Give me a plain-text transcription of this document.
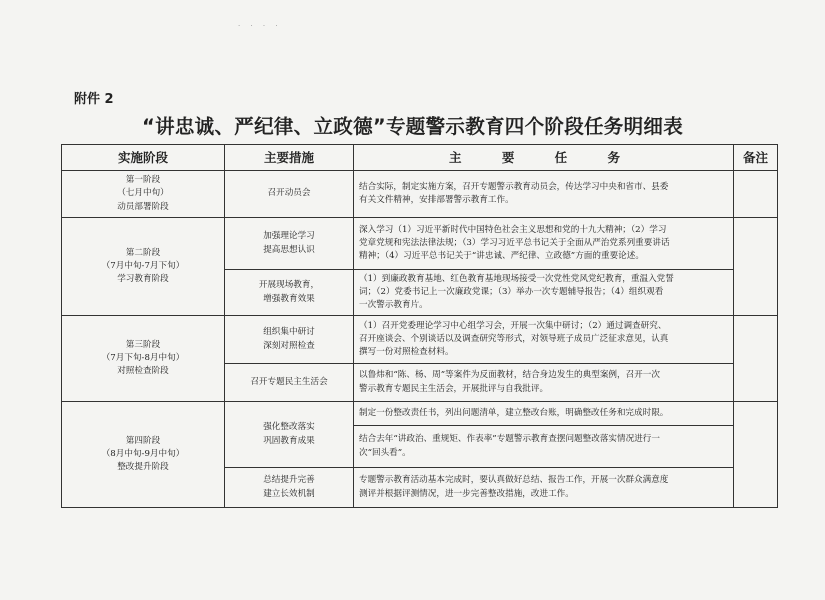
· · · ·
附件 2
“讲忠诚、严纪律、立政德”专题警示教育四个阶段任务明细表
实施阶段	主要措施	主 要 任 务	备注

第一阶段
（七月中旬）
动员部署阶段	召开动员会	结合实际，制定实施方案，召开专题警示教育动员会，传达学习中央和省市、县委
有关文件精神，安排部署警示教育工作。	

第二阶段
（7月中旬-7月下旬）
学习教育阶段	加强理论学习
提高思想认识	深入学习（1）习近平新时代中国特色社会主义思想和党的十九大精神；（2）学习
党章党规和宪法法律法规；（3）学习习近平总书记关于全面从严治党系列重要讲话
精神；（4）习近平总书记关于“讲忠诚、严纪律、立政德”方面的重要论述。	

	开展现场教育，
增强教育效果	（1）到廉政教育基地、红色教育基地现场接受一次党性党风党纪教育，重温入党誓
词；（2）党委书记上一次廉政党课；（3）举办一次专题辅导报告；（4）组织观看
一次警示教育片。	

第三阶段
（7月下旬-8月中旬）
对照检查阶段	组织集中研讨
深刻对照检查	（1）召开党委理论学习中心组学习会，开展一次集中研讨；（2）通过调查研究、
召开座谈会、个别谈话以及调查研究等形式，对领导班子成员广泛征求意见，认真
撰写一份对照检查材料。	

	召开专题民主生活会	以鲁炜和“陈、杨、周”等案件为反面教材，结合身边发生的典型案例，召开一次
警示教育专题民主生活会，开展批评与自我批评。	

第四阶段
（8月中旬-9月中旬）
整改提升阶段	强化整改落实
巩固教育成果	制定一份整改责任书，列出问题清单，建立整改台账，明确整改任务和完成时限。	

		结合去年“讲政治、重规矩、作表率”专题警示教育查摆问题整改落实情况进行一
次“回头看”。	

	总结提升完善
建立长效机制	专题警示教育活动基本完成时，要认真做好总结、报告工作，开展一次群众满意度
测评并根据评测情况，进一步完善整改措施，改进工作。	
